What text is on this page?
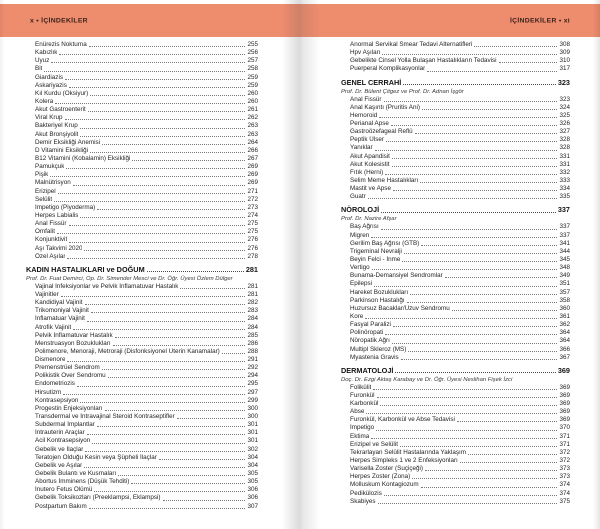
x • İÇİNDEKİLER	İÇİNDEKİLER • xi
Enürezis Nokturna	255
Kabızlık	256
Uyuz	257
Bit	258
Giardiazis	259
Askariyazis	259
Kıl Kurdu (Oksiyur)	260
Kolera	260
Akut Gastroenterit	261
Viral Krup	262
Bakteriyel Krup	263
Akut Bronşiyolit	263
Demir Eksikliği Anemisi	264
D Vitamini Eksikliği	266
B12 Vitamini (Kobalamin) Eksikliği	267
Pamukçuk	269
Pişik	269
Malnütrisyon	269
Erizipel	271
Selülit	272
İmpetigo (Piyoderma)	273
Herpes Labialis	274
Anal Fissür	275
Omfalit	275
Konjunktivit	276
Aşı Takvimi 2020	276
Özel Aşılar	278
KADIN HASTALIKLARI ve DOĞUM	281
Prof. Dr. Fuat Demirci, Op. Dr. Simender Mesci ve Dr. Öğr. Üyesi Özlem Dülger
Vajinal İnfeksiyonlar ve Pelvik İnflamatuvar Hastalık	281
Vajinitler	281
Kandidiyal Vajinit	282
Trikomoniyal Vajinit	283
İnflamatuar Vajinit	284
Atrofik Vajinit	284
Pelvik İnflamatuvar Hastalık	285
Menstruasyon Bozuklukları	286
Polimenore, Menoraji, Metroraji (Disfonksiyonel Uterin Kanamalar)	288
Dismenore	291
Premenstrüel Sendrom	292
Polikistik Over Sendromu	294
Endometriozis	295
Hirsutizm	297
Kontrasepsiyon	299
Progestin Enjeksiyonları	300
Transdermal ve İntravajinal Steroid Kontraseptifler	300
Subdermal İmplantlar	301
İntrauterin Araçlar	301
Acil Kontrasepsiyon	301
Gebelik ve İlaçlar	302
Teratojen Olduğu Kesin veya Şüpheli İlaçlar	304
Gebelik ve Aşılar	304
Gebelik Bulantı ve Kusmaları	305
Abortus İmminens (Düşük Tehditi)	305
İnutero Fetus Ölümü	306
Gebelik Toksikozları (Preeklampsi, Eklampsi)	306
Postpartum Bakım	307
Anormal Servikal Smear Tedavi Alternatifleri	308
Hpv Aşıları	309
Gebelikte Cinsel Yolla Bulaşan Hastalıkların Tedavisi	310
Puerperal Komplikasyonlar	317
GENEL CERRAHİ	323
Prof. Dr. Bülent Çitgez ve Prof. Dr. Adnan İşgör
Anal Fissür	323
Anal Kaşıntı (Pruritis Ani)	324
Hemoroid	325
Perianal Apse	326
Gastroözefageal Reflü	327
Peptik Ülser	328
Yanıklar	328
Akut Apandisit	331
Akut Kolesistit	331
Fıtık (Herni)	332
Selim Meme Hastalıkları	333
Mastit ve Apse	334
Guatr	335
NÖROLOJİ	337
Prof. Dr. Nazire Afşar
Baş Ağrısı	337
Migren	337
Gerilim Baş Ağrısı (GTB)	341
Trigeminal Nevralji	344
Beyin Felci - İnme	345
Vertigo	348
Bunama-Demansiyel Sendromlar	349
Epilepsi	351
Hareket Bozuklukları	357
Parkinson Hastalığı	358
Huzursuz Bacaklar/Uzuv Sendromu	360
Kore	361
Fasyal Paralizi	362
Polinöropati	364
Nöropatik Ağrı	364
Multipl Skleroz (MS)	366
Myastenia Gravis	367
DERMATOLOJİ	369
Doç. Dr. Ezgi Aktaş Karabay ve Dr. Öğr. Üyesi Neslihan Fişek İzci
Folikülit	369
Furonkül	369
Karbonkül	369
Abse	369
Furonkül, Karbonkül ve Abse Tedavisi	369
İmpetigo	370
Ektima	371
Erizipel ve Selülit	371
Tekrarlayan Selülit Hastalarında Yaklaşım	372
Herpes Simpleks 1 ve 2 Enfeksiyonları	372
Varisella Zoster (Suçiçeği)	373
Herpes Zoster (Zona)	373
Molluskum Kontagiozum	374
Pedikülozis	374
Skabiyes	375
